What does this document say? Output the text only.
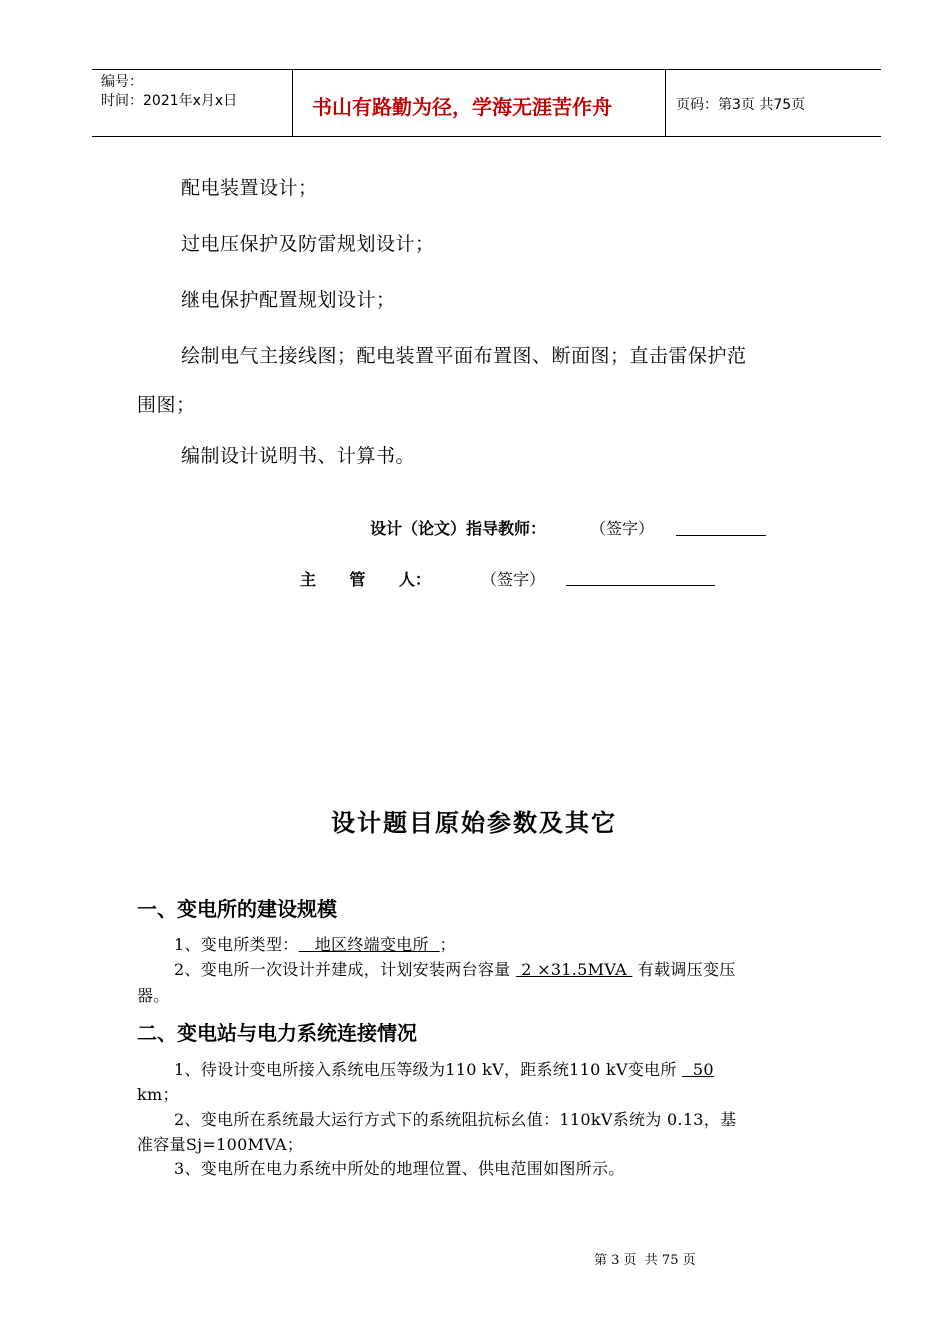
编号：
时间：2021年x月x日	书山有路勤为径，学海无涯苦作舟	页码：第3页 共75页
配电装置设计；
过电压保护及防雷规划设计；
继电保护配置规划设计；
绘制电气主接线图；配电装置平面布置图、断面图；直击雷保护范
围图；
编制设计说明书、计算书。
设计（论文）指导教师：	（签字）
主      管      人：	（签字）
设计题目原始参数及其它
一、变电所的建设规模
1、变电所类型：   地区终端变电所  ；
2、变电所一次设计并建成，计划安装两台容量  2 ×31.5MVA  有载调压变压
器。
二、变电站与电力系统连接情况
1、待设计变电所接入系统电压等级为110 kV，距系统110 kV变电所   50
km；
2、变电所在系统最大运行方式下的系统阻抗标幺值：110kV系统为 0.13，基
准容量Sj=100MVA；
3、变电所在电力系统中所处的地理位置、供电范围如图所示。
第 3 页  共 75 页
